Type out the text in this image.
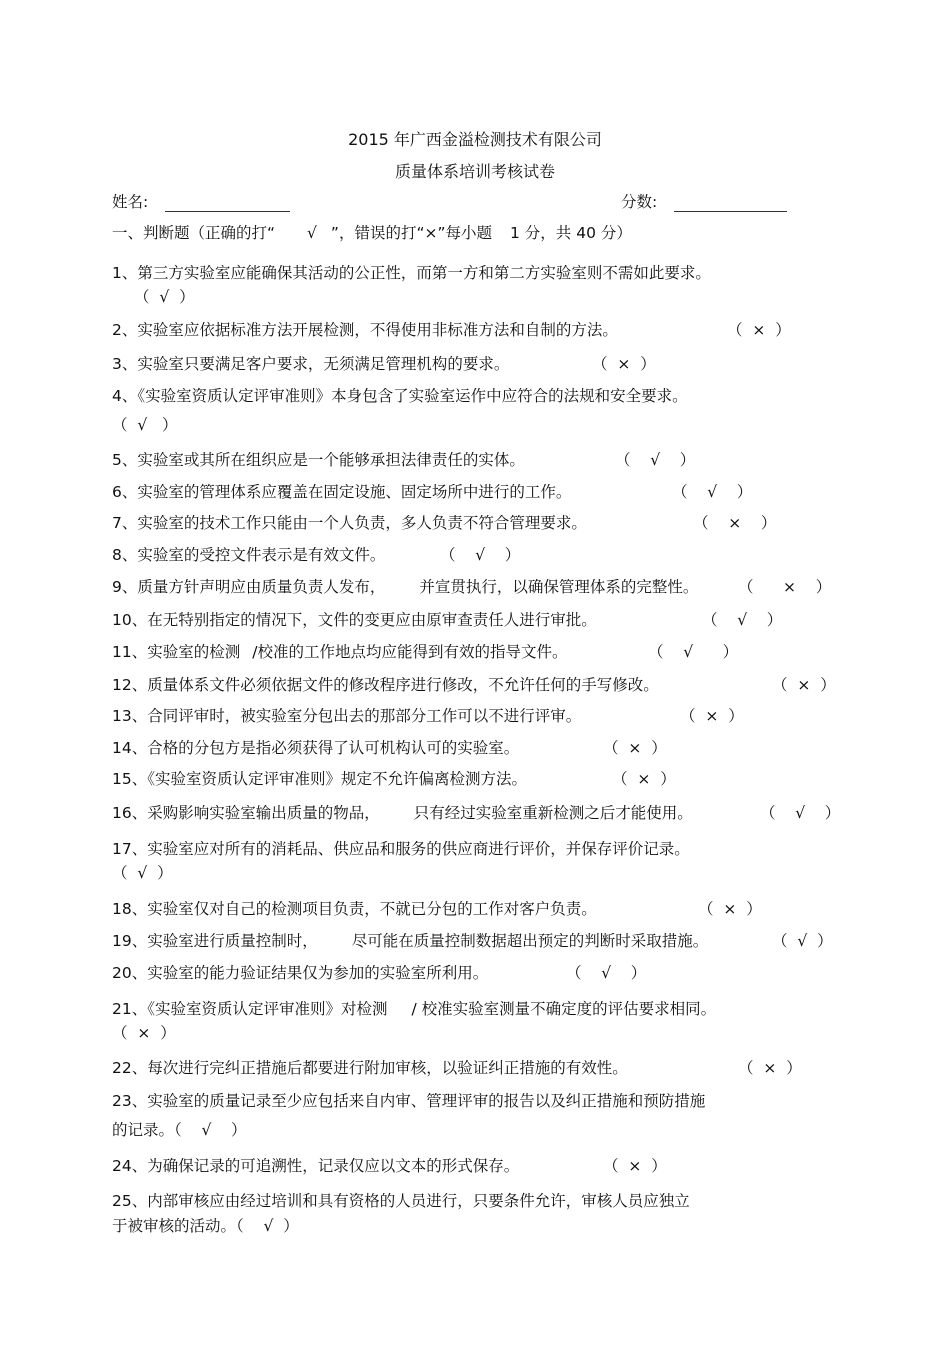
2015 年广西金溢检测技术有限公司
质量体系培训考核试卷
姓名:	分数:
一、判断题（正确的打“ √ ”，错误的打“×”每小题 1 分，共 40 分）
1、第三方实验室应能确保其活动的公正性，而第一方和第二方实验室则不需如此要求。
（  √  ）
2、实验室应依据标准方法开展检测，不得使用非标准方法和自制的方法。	（  ×  ）
3、实验室只要满足客户要求，无须满足管理机构的要求。	（  ×  ）
4、《实验室资质认定评审准则》本身包含了实验室运作中应符合的法规和安全要求。
（  √   ）
5、实验室或其所在组织应是一个能够承担法律责任的实体。	（    √    ）
6、实验室的管理体系应覆盖在固定设施、固定场所中进行的工作。	（    √    ）
7、实验室的技术工作只能由一个人负责，多人负责不符合管理要求。	（    ×    ）
8、实验室的受控文件表示是有效文件。	（    √    ）
9、质量方针声明应由质量负责人发布， 并宣贯执行，以确保管理体系的完整性。	（      ×    ）
10、在无特别指定的情况下，文件的变更应由原审查责任人进行审批。	（    √    ）
11、实验室的检测 /校准的工作地点均应能得到有效的指导文件。	（    √      ）
12、质量体系文件必须依据文件的修改程序进行修改，不允许任何的手写修改。	（  ×  ）
13、合同评审时，被实验室分包出去的那部分工作可以不进行评审。	（  ×  ）
14、合格的分包方是指必须获得了认可机构认可的实验室。	（  ×  ）
15、《实验室资质认定评审准则》规定不允许偏离检测方法。	（  ×  ）
16、采购影响实验室输出质量的物品， 只有经过实验室重新检测之后才能使用。	（    √    ）
17、实验室应对所有的消耗品、供应品和服务的供应商进行评价，并保存评价记录。
（  √  ）
18、实验室仅对自己的检测项目负责，不就已分包的工作对客户负责。	（  ×  ）
19、实验室进行质量控制时， 尽可能在质量控制数据超出预定的判断时采取措施。	（  √  ）
20、实验室的能力验证结果仅为参加的实验室所利用。	（    √    ）
21、《实验室资质认定评审准则》对检测 / 校准实验室测量不确定度的评估要求相同。
（  ×  ）
22、每次进行完纠正措施后都要进行附加审核，以验证纠正措施的有效性。	（  ×  ）
23、实验室的质量记录至少应包括来自内审、管理评审的报告以及纠正措施和预防措施
的记录。（    √    ）
24、为确保记录的可追溯性，记录仅应以文本的形式保存。	（  ×  ）
25、内部审核应由经过培训和具有资格的人员进行，只要条件允许，审核人员应独立
于被审核的活动。（    √  ）
